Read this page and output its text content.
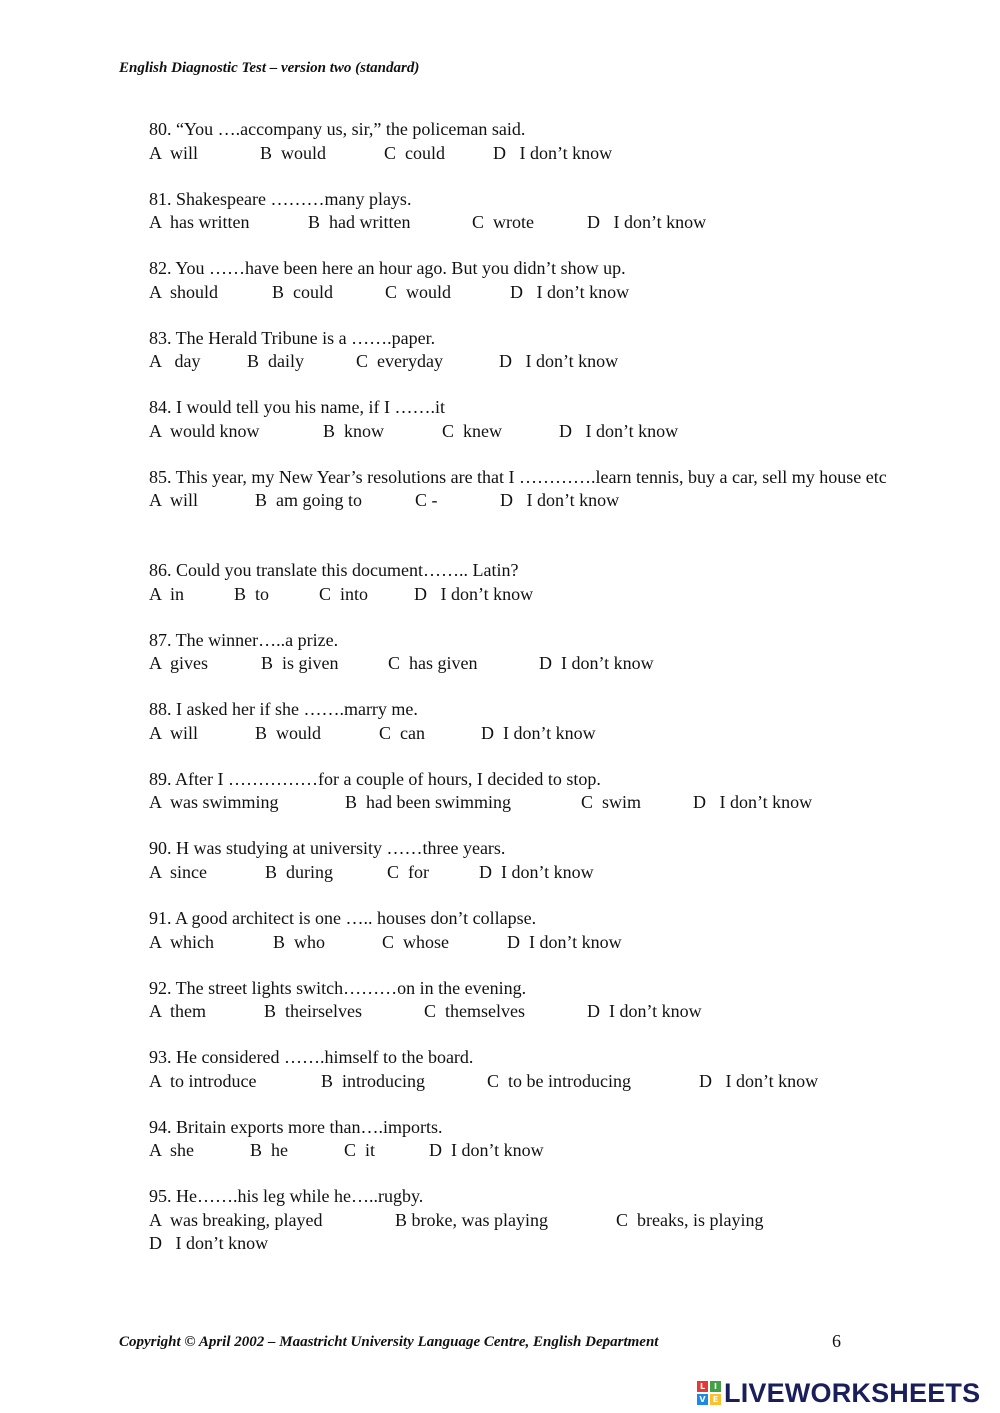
English Diagnostic Test – version two (standard)
80. “You ….accompany us, sir,” the policeman said.
A  will	B  would	C  could	D   I don’t know
81. Shakespeare ………many plays.
A  has written	B  had written	C  wrote	D   I don’t know
82. You ……have been here an hour ago. But you didn’t show up.
A  should	B  could	C  would	D   I don’t know
83. The Herald Tribune is a …….paper.
A   day	B  daily	C  everyday	D   I don’t know
84. I would tell you his name, if I …….it
A  would know	B  know	C  knew	D   I don’t know
85. This year, my New Year’s resolutions are that I ………….learn tennis, buy a car, sell my house etc
A  will	B  am going to	C -	D   I don’t know
86. Could you translate this document…….. Latin?
A  in	B  to	C  into	D   I don’t know
87. The winner…..a prize.
A  gives	B  is given	C  has given	D  I don’t know
88. I asked her if she …….marry me.
A  will	B  would	C  can	D  I don’t know
89. After I ……………for a couple of hours, I decided to stop.
A  was swimming	B  had been swimming	C  swim	D   I don’t know
90. H was studying at university ……three years.
A  since	B  during	C  for	D  I don’t know
91. A good architect is one ….. houses don’t collapse.
A  which	B  who	C  whose	D  I don’t know
92. The street lights switch………on in the evening.
A  them	B  theirselves	C  themselves	D  I don’t know
93. He considered …….himself to the board.
A  to introduce	B  introducing	C  to be introducing	D   I don’t know
94. Britain exports more than….imports.
A  she	B  he	C  it	D  I don’t know
95. He…….his leg while he…..rugby.
A  was breaking, played	B broke, was playing	C  breaks, is playing
D   I don’t know
Copyright © April 2002 – Maastricht University Language Centre, English Department	6
L	I
V E LIVEWORKSHEETS
